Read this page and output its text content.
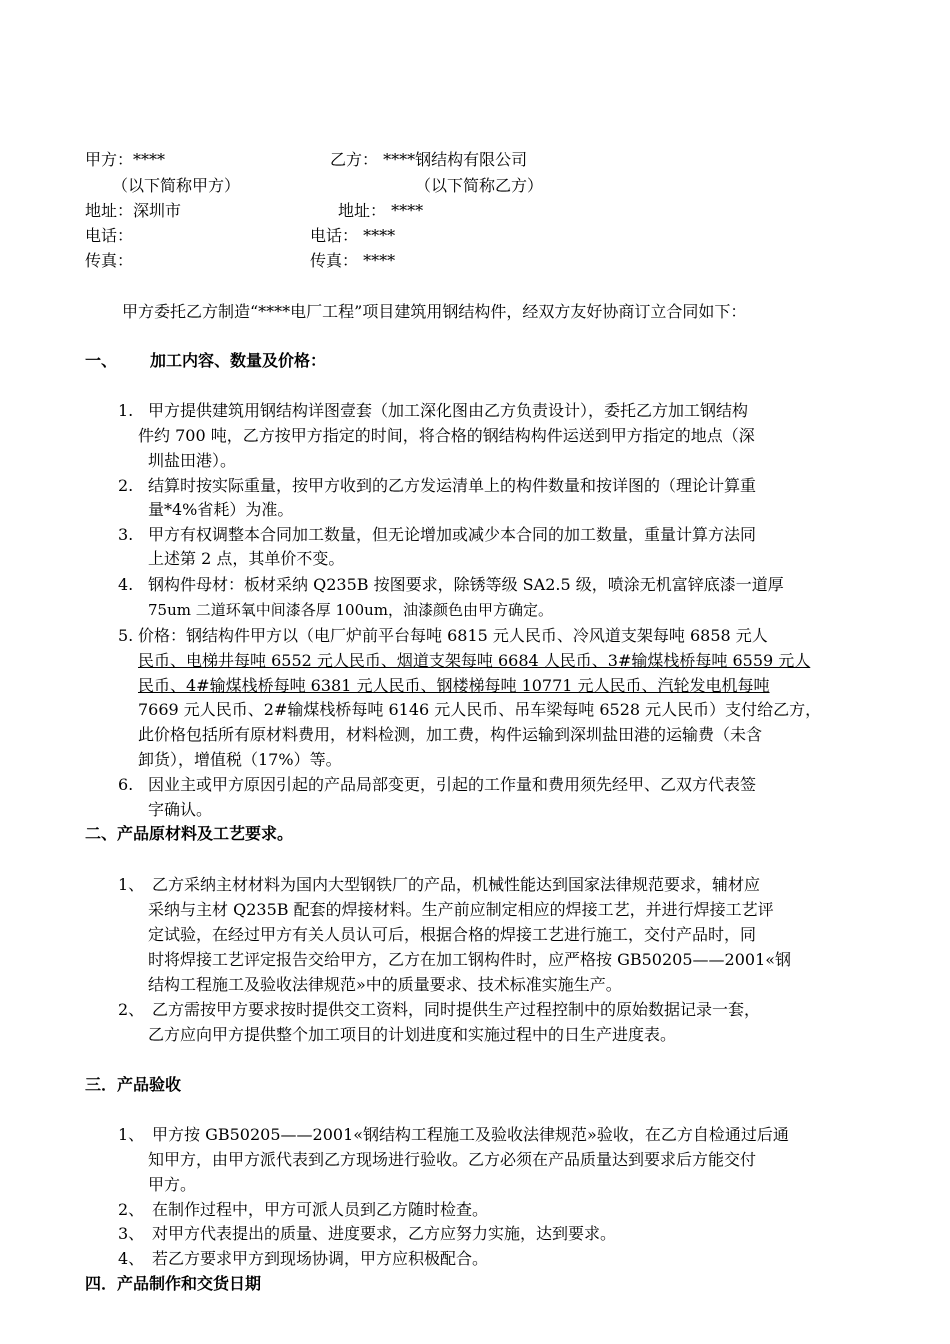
甲方：****	乙方： ****钢结构有限公司
（以下简称甲方）	（以下简称乙方）
地址：深圳市	地址： ****
电话：	电话： ****
传真：	传真： ****
甲方委托乙方制造“****电厂工程”项目建筑用钢结构件，经双方友好协商订立合同如下：
一、 加工内容、数量及价格：
1. 甲方提供建筑用钢结构详图壹套（加工深化图由乙方负责设计），委托乙方加工钢结构
件约 700 吨，乙方按甲方指定的时间，将合格的钢结构构件运送到甲方指定的地点（深
圳盐田港）。
2. 结算时按实际重量，按甲方收到的乙方发运清单上的构件数量和按详图的（理论计算重
量*4%省耗）为准。
3. 甲方有权调整本合同加工数量，但无论增加或减少本合同的加工数量，重量计算方法同
上述第 2 点，其单价不变。
4. 钢构件母材：板材采纳 Q235B 按图要求，除锈等级 SA2.5 级，喷涂无机富锌底漆一道厚
75um 二道环氧中间漆各厚 100um，油漆颜色由甲方确定。
5. 价格：钢结构件甲方以（电厂炉前平台每吨 6815 元人民币、冷风道支架每吨 6858 元人
民币、电梯井每吨 6552 元人民币、烟道支架每吨 6684 人民币、3#输煤栈桥每吨 6559 元人
民币、4#输煤栈桥每吨 6381 元人民币、钢楼梯每吨 10771 元人民币、汽轮发电机每吨
7669 元人民币、2#输煤栈桥每吨 6146 元人民币、吊车梁每吨 6528 元人民币）支付给乙方，
此价格包括所有原材料费用，材料检测，加工费，构件运输到深圳盐田港的运输费（未含
卸货），增值税（17%）等。
6. 因业主或甲方原因引起的产品局部变更，引起的工作量和费用须先经甲、乙双方代表签
字确认。
二、产品原材料及工艺要求。
1、 乙方采纳主材材料为国内大型钢铁厂的产品，机械性能达到国家法律规范要求，辅材应
采纳与主材 Q235B 配套的焊接材料。生产前应制定相应的焊接工艺，并进行焊接工艺评
定试验，在经过甲方有关人员认可后，根据合格的焊接工艺进行施工，交付产品时，同
时将焊接工艺评定报告交给甲方，乙方在加工钢构件时，应严格按 GB50205——2001«钢
结构工程施工及验收法律规范»中的质量要求、技术标准实施生产。
2、 乙方需按甲方要求按时提供交工资料，同时提供生产过程控制中的原始数据记录一套，
乙方应向甲方提供整个加工项目的计划进度和实施过程中的日生产进度表。
三．产品验收
1、 甲方按 GB50205——2001«钢结构工程施工及验收法律规范»验收，在乙方自检通过后通
知甲方，由甲方派代表到乙方现场进行验收。乙方必须在产品质量达到要求后方能交付
甲方。
2、 在制作过程中，甲方可派人员到乙方随时检查。
3、 对甲方代表提出的质量、进度要求，乙方应努力实施，达到要求。
4、 若乙方要求甲方到现场协调，甲方应积极配合。
四．产品制作和交货日期
